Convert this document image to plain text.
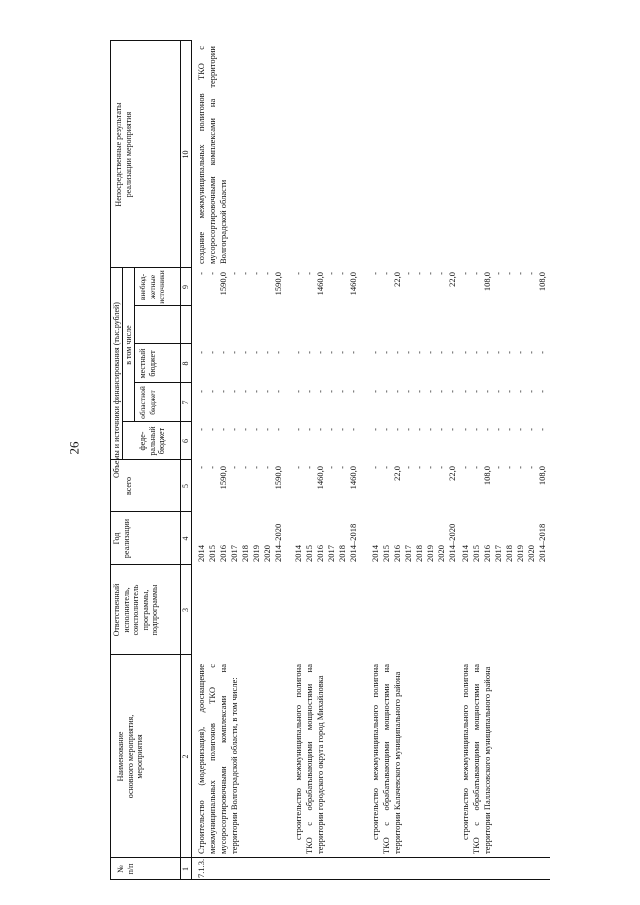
26
№
п/п
Наименование
основного мероприятия,
мероприятия
Ответственный
исполнитель,
соисполнитель
программы,
подпрограммы
Год
реализации
Объемы и источники финансирования (тыс.рублей)
всего
в том числе
феде-
ральный
бюджет
областной
бюджет
местный
бюджет
внебюд-
жетные
источники
Непосредственные результаты
реализации мероприятия
1
2
3
4
5
6
7
8
9
10
7.1.3.
Строительство (модернизация), дооснащение межмуниципальных полигонов ТКО с мусоросортировочными комплексами на территории Волгоградской области, в том числе:
2014
2015
2016
2017
2018
2019
2020
2014–2020
-
-
1590,0
-
-
-
-
1590,0
-
-
-
-
-
-
-
-
-
-
-
-
-
-
-
-
-
-
-
-
-
-
-
-
-
-
1590,0
-
-
-
-
1590,0
создание межмуниципальных полигонов ТКО с мусоросортировочными комплексами на территории Волгоградской области
строительство межмуниципального полигона ТКО с обрабатывающими мощностями на территории городского округа город Михайловка
2014
2015
2016
2017
2018
2014–2018
-
-
1460,0
-
-
1460,0
-
-
-
-
-
-
-
-
-
-
-
-
-
-
-
-
-
-
-
-
1460,0
-
-
1460,0
строительство межмуниципального полигона ТКО с обрабатывающими мощностями на территории Калачевского муниципального района
2014
2015
2016
2017
2018
2019
2020
2014–2020
-
-
22,0
-
-
-
-
22,0
-
-
-
-
-
-
-
-
-
-
-
-
-
-
-
-
-
-
-
-
-
-
-
-
-
-
22,0
-
-
-
-
22,0
строительство межмуниципального полигона ТКО с обрабатывающими мощностями на территории Палласовского муниципального района
2014
2015
2016
2017
2018
2019
2020
2014–2018
-
-
108,0
-
-
-
-
108,0
-
-
-
-
-
-
-
-
-
-
-
-
-
-
-
-
-
-
-
-
-
-
-
-
-
-
108,0
-
-
-
-
108,0
